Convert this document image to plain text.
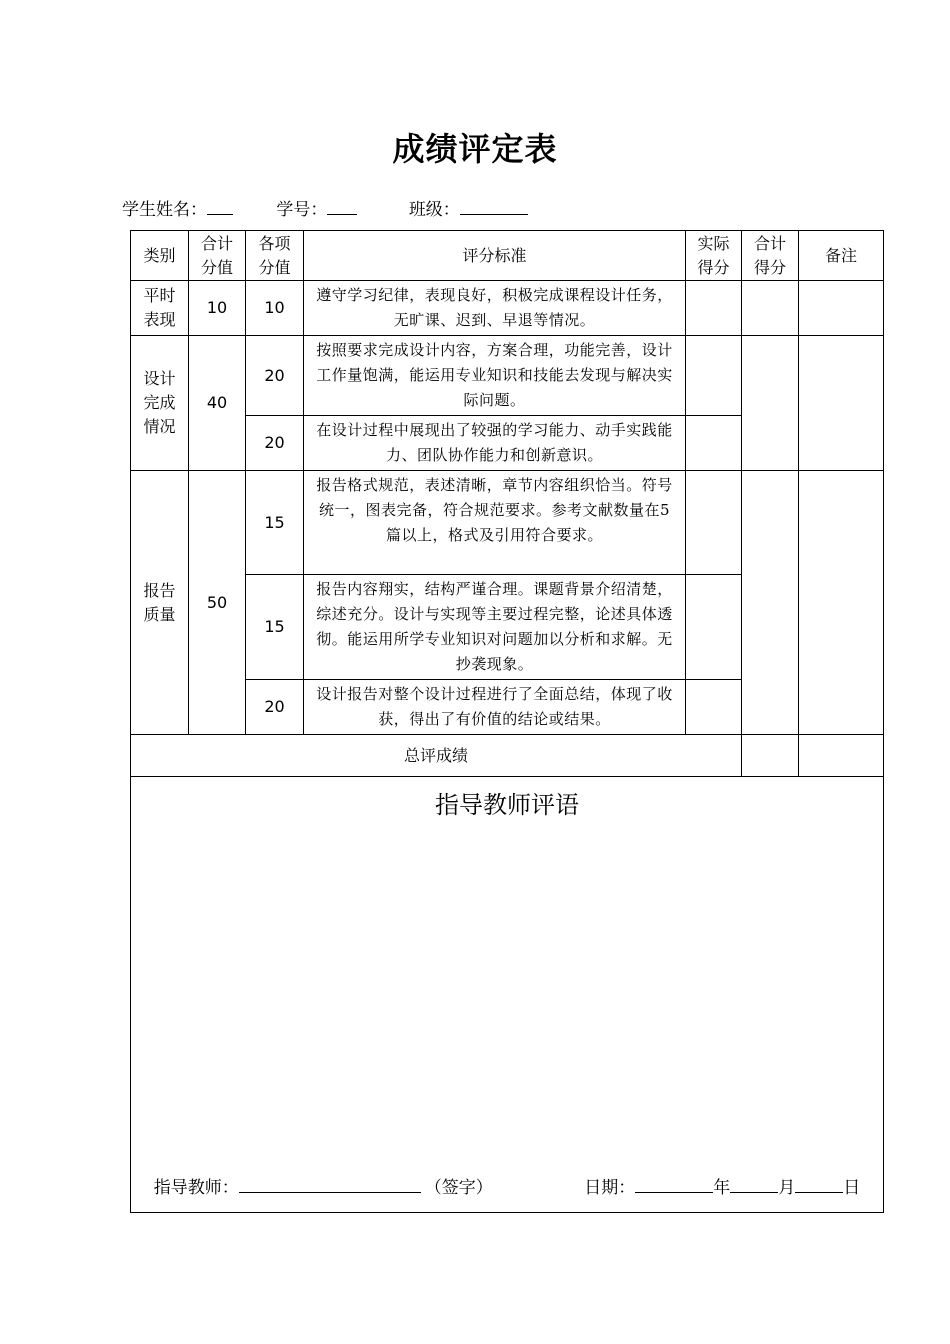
成绩评定表
学生姓名：	学号：	班级：
类别	合计分值	各项分值	评分标准	实际得分	合计得分	备注
平时表现	10	10	遵守学习纪律，表现良好，积极完成课程设计任务，无旷课、迟到、早退等情况。			
设计完成情况	40	20	按照要求完成设计内容，方案合理，功能完善，设计工作量饱满，能运用专业知识和技能去发现与解决实际问题。			
		20	在设计过程中展现出了较强的学习能力、动手实践能力、团队协作能力和创新意识。			
报告质量	50	15	报告格式规范，表述清晰，章节内容组织恰当。符号统一，图表完备，符合规范要求。参考文献数量在5篇以上，格式及引用符合要求。			
		15	报告内容翔实，结构严谨合理。课题背景介绍清楚，综述充分。设计与实现等主要过程完整，论述具体透彻。能运用所学专业知识对问题加以分析和求解。无抄袭现象。			
		20	设计报告对整个设计过程进行了全面总结，体现了收获，得出了有价值的结论或结果。			
总评成绩						

指导教师评语
指导教师： （签字） 日期： 年 月 日						
